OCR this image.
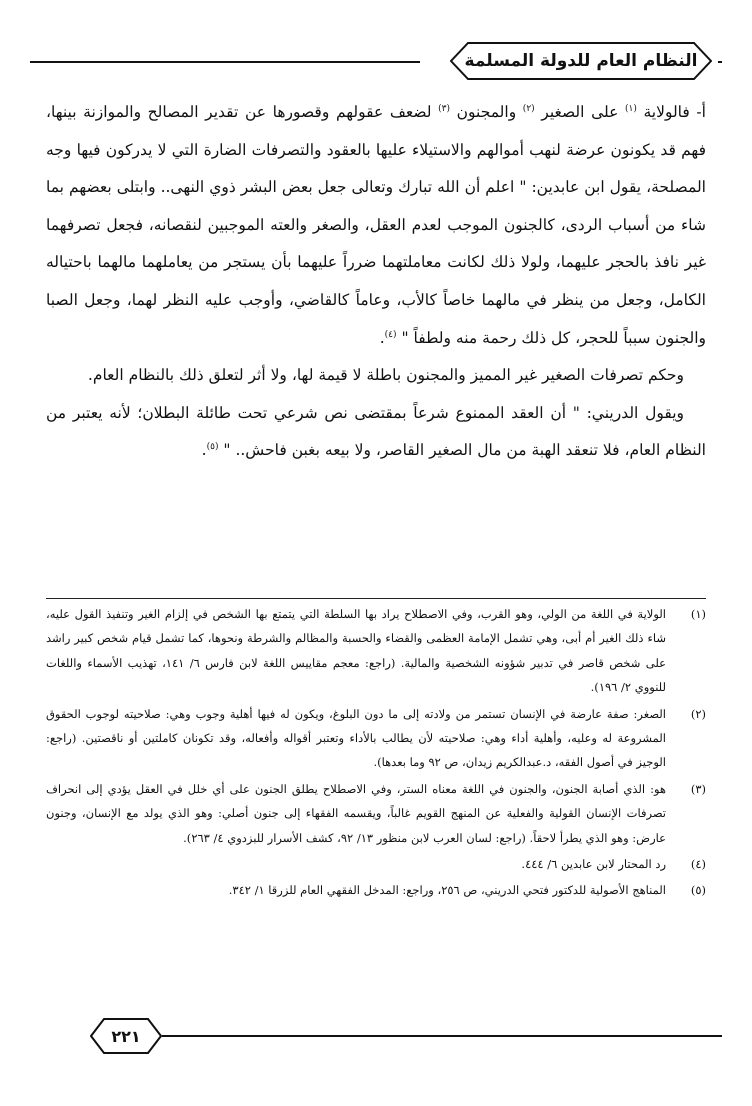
النظام العام للدولة المسلمة

أ- فالولاية $^{(١)}$ على الصغير $^{(٢)}$ والمجنون $^{(٣)}$ لضعف عقولهم وقصورها عن تقدير المصالح والموازنة بينها، فهم قد يكونون عرضة لنهب أموالهم والاستيلاء عليها بالعقود والتصرفات الضارة التي لا يدركون فيها وجه المصلحة، يقول ابن عابدين: " اعلم أن الله تبارك وتعالى جعل بعض البشر ذوي النهى.. وابتلى بعضهم بما شاء من أسباب الردى، كالجنون الموجب لعدم العقل، والصغر والعته الموجبين لنقصانه، فجعل تصرفهما غير نافذ بالحجر عليهما، ولولا ذلك لكانت معاملتهما ضرراً عليهما بأن يستجر من يعاملهما مالهما باحتياله الكامل، وجعل من ينظر في مالهما خاصاً كالأب، وعاماً كالقاضي، وأوجب عليه النظر لهما، وجعل الصبا والجنون سبباً للحجر، كل ذلك رحمة منه ولطفاً " $^{(٤)}$.

وحكم تصرفات الصغير غير المميز والمجنون باطلة لا قيمة لها، ولا أثر لتعلق ذلك بالنظام العام.

ويقول الدريني: " أن العقد الممنوع شرعاً بمقتضى نص شرعي تحت طائلة البطلان؛ لأنه يعتبر من النظام العام، فلا تنعقد الهبة من مال الصغير القاصر، ولا بيعه بغبن فاحش.. " $^{(٥)}$.

(١)
الولاية في اللغة من الولي، وهو القرب، وفي الاصطلاح يراد بها السلطة التي يتمتع بها الشخص في إلزام الغير وتنفيذ القول عليه، شاء ذلك الغير أم أبى، وهي تشمل الإمامة العظمى والقضاء والحسبة والمظالم والشرطة ونحوها، كما تشمل قيام شخص كبير راشد على شخص قاصر في تدبير شؤونه الشخصية والمالية. (راجع: معجم مقاييس اللغة لابن فارس ٦/ ١٤١، تهذيب الأسماء واللغات للنووي ٢/ ١٩٦).
(٢)
الصغر: صفة عارضة في الإنسان تستمر من ولادته إلى ما دون البلوغ، ويكون له فيها أهلية وجوب وهي: صلاحيته لوجوب الحقوق المشروعة له وعليه، وأهلية أداء وهي: صلاحيته لأن يطالب بالأداء وتعتبر أقواله وأفعاله، وقد تكونان كاملتين أو ناقصتين. (راجع: الوجيز في أصول الفقه، د.عبدالكريم زيدان، ص ٩٢ وما بعدها).
(٣)
هو: الذي أصابة الجنون، والجنون في اللغة معناه الستر، وفي الاصطلاح يطلق الجنون على أي خلل في العقل يؤدي إلى انحراف تصرفات الإنسان القولية والفعلية عن المنهج القويم غالباً، ويقسمه الفقهاء إلى جنون أصلي: وهو الذي يولد مع الإنسان، وجنون عارض: وهو الذي يطرأ لاحقاً. (راجع: لسان العرب لابن منظور ١٣/ ٩٢، كشف الأسرار للبزدوي ٤/ ٢٦٣).
(٤)
رد المحتار لابن عابدين ٦/ ٤٤٤.
(٥)
المناهج الأصولية للدكتور فتحي الدريني، ص ٢٥٦، وراجع: المدخل الفقهي العام للزرقا ١/ ٣٤٢.
٢٢١
